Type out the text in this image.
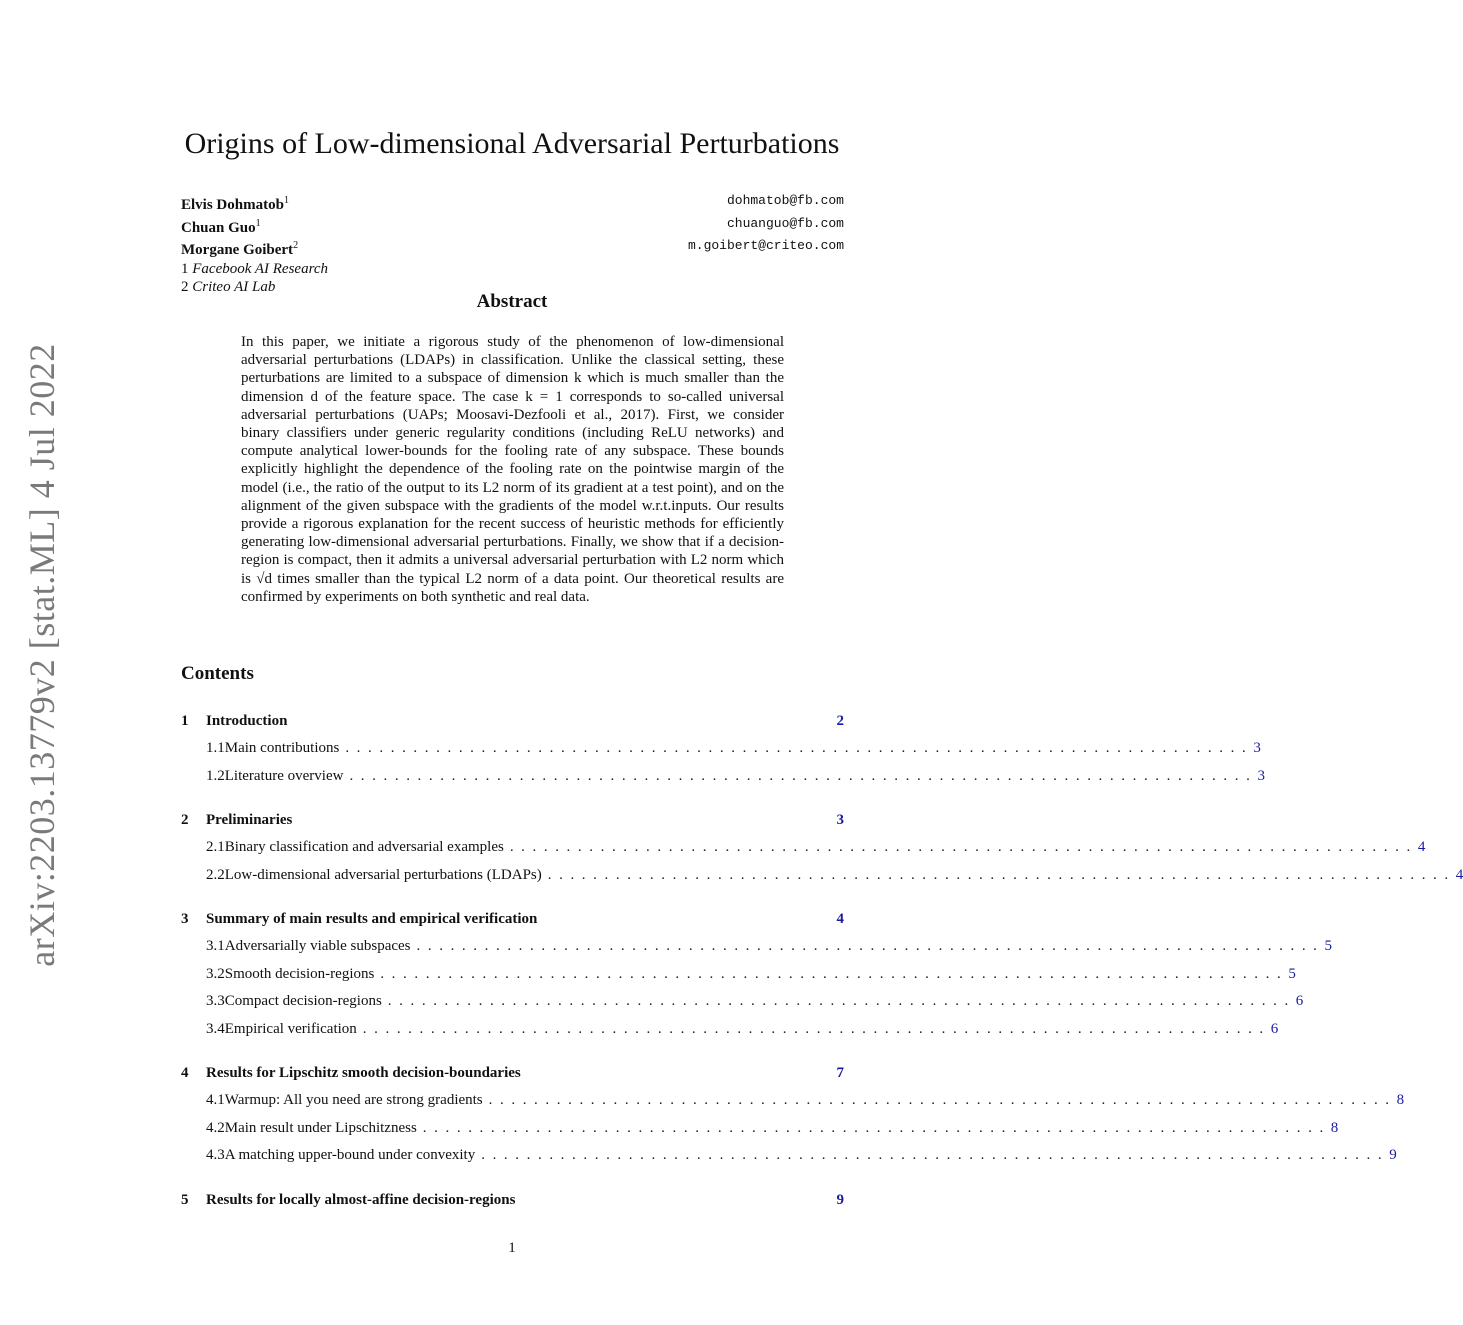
arXiv:2203.13779v2 [stat.ML] 4 Jul 2022
Origins of Low-dimensional Adversarial Perturbations
Elvis Dohmatob$^1$	dohmatob@fb.com
Chuan Guo$^1$	chuanguo@fb.com
Morgane Goibert$^2$	m.goibert@criteo.com
1 Facebook AI Research
2 Criteo AI Lab
Abstract
In this paper, we initiate a rigorous study of the phenomenon of low-dimensional adversarial perturbations (LDAPs) in classification. Unlike the classical setting, these perturbations are limited to a subspace of dimension k which is much smaller than the dimension d of the feature space. The case k = 1 corresponds to so-called universal adversarial perturbations (UAPs; Moosavi-Dezfooli et al., 2017). First, we consider binary classifiers under generic regularity conditions (including ReLU networks) and compute analytical lower-bounds for the fooling rate of any subspace. These bounds explicitly highlight the dependence of the fooling rate on the pointwise margin of the model (i.e., the ratio of the output to its L2 norm of its gradient at a test point), and on the alignment of the given subspace with the gradients of the model w.r.t.inputs. Our results provide a rigorous explanation for the recent success of heuristic methods for efficiently generating low-dimensional adversarial perturbations. Finally, we show that if a decision-region is compact, then it admits a universal adversarial perturbation with L2 norm which is √d times smaller than the typical L2 norm of a data point. Our theoretical results are confirmed by experiments on both synthetic and real data.
Contents
1	Introduction	2
1.1 Main contributions ................................................................................ 3
1.2 Literature overview ................................................................................ 3
2	Preliminaries	3
2.1 Binary classification and adversarial examples ................................................................................ 4
2.2 Low-dimensional adversarial perturbations (LDAPs) ................................................................................ 4
3	Summary of main results and empirical verification	4
3.1 Adversarially viable subspaces ................................................................................ 5
3.2 Smooth decision-regions ................................................................................ 5
3.3 Compact decision-regions ................................................................................ 6
3.4 Empirical verification ................................................................................ 6
4	Results for Lipschitz smooth decision-boundaries	7
4.1 Warmup: All you need are strong gradients ................................................................................ 8
4.2 Main result under Lipschitzness ................................................................................ 8
4.3 A matching upper-bound under convexity ................................................................................ 9
5	Results for locally almost-affine decision-regions	9
1
